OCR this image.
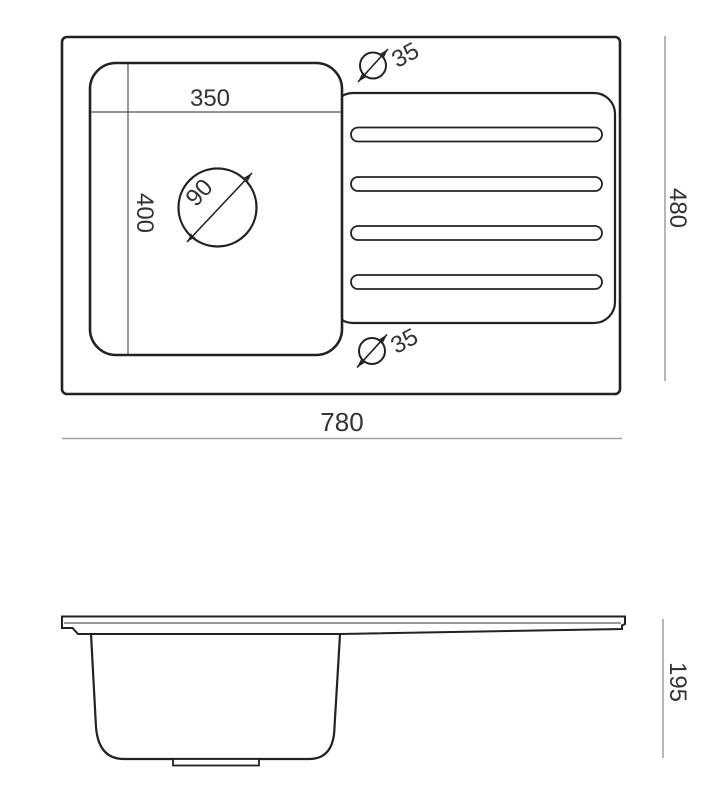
350
400
90
35
35
480
780
195
